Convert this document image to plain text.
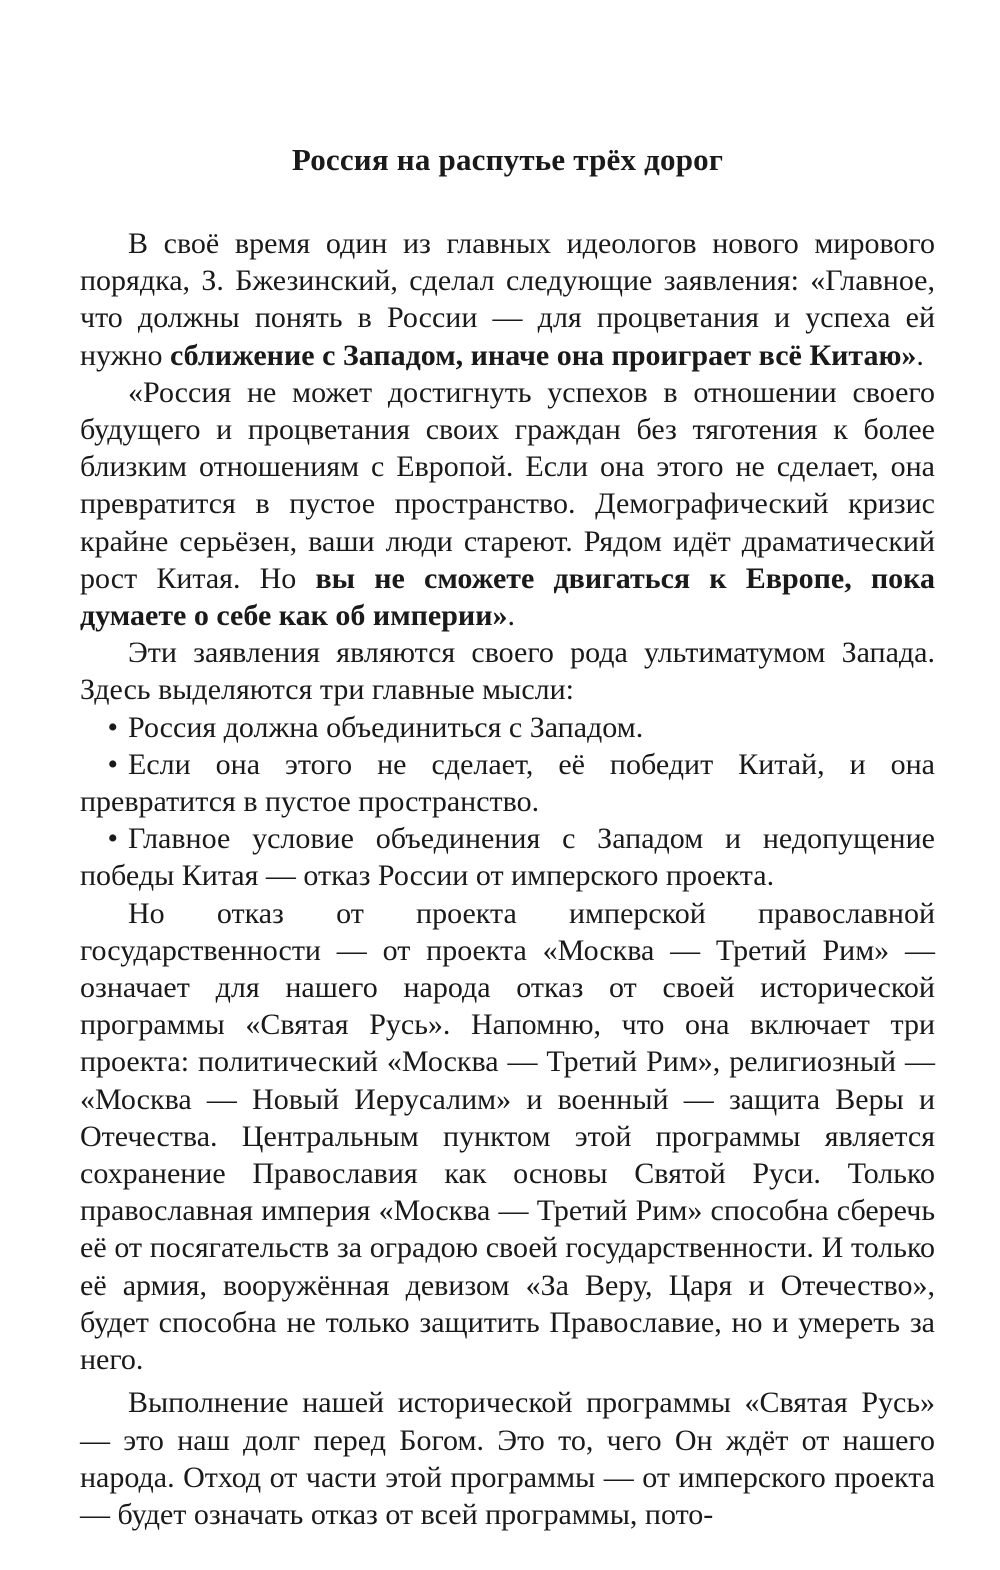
Россия на распутье трёх дорог

В своё время один из главных идеологов нового мирового порядка, З. Бжезинский, сделал следующие заявления: «Главное, что должны понять в России — для процветания и успеха ей нужно сближение с Западом, иначе она проиграет всё Китаю».

«Россия не может достигнуть успехов в отношении своего будущего и процветания своих граждан без тяготения к более близким отношениям с Европой. Если она этого не сделает, она превратится в пустое пространство. Демографический кризис крайне серьёзен, ваши люди стареют. Рядом идёт драматический рост Китая. Но вы не сможете двигаться к Европе, пока думаете о себе как об империи».

Эти заявления являются своего рода ультиматумом Запада. Здесь выделяются три главные мысли:

• Россия должна объединиться с Западом.

• Если она этого не сделает, её победит Китай, и она превратится в пустое пространство.

• Главное условие объединения с Западом и недопущение победы Китая — отказ России от имперского проекта.

Но отказ от проекта имперской православной государственности — от проекта «Москва — Третий Рим» — означает для нашего народа отказ от своей исторической программы «Святая Русь». Напомню, что она включает три проекта: политический «Москва — Третий Рим», религиозный — «Москва — Новый Иерусалим» и военный — защита Веры и Отечества. Центральным пунктом этой программы является сохранение Православия как основы Святой Руси. Только православная империя «Москва — Третий Рим» способна сберечь её от посягательств за оградою своей государственности. И только её армия, вооружённая девизом «За Веру, Царя и Отечество», будет способна не только защитить Православие, но и умереть за него.

Выполнение нашей исторической программы «Святая Русь» — это наш долг перед Богом. Это то, чего Он ждёт от нашего народа. Отход от части этой программы — от имперского проекта — будет означать отказ от всей программы, пото-
